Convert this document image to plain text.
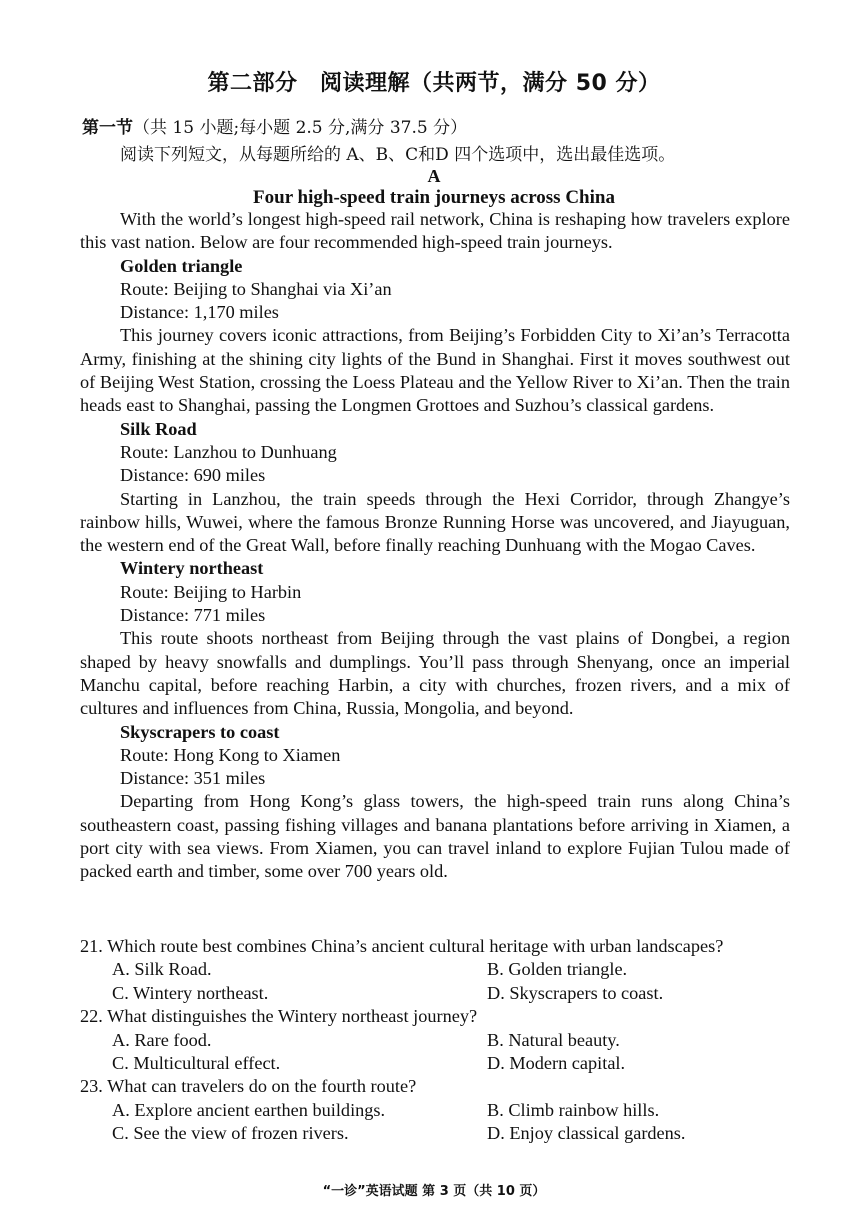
第二部分　阅读理解（共两节，满分 50 分）
第一节（共 15 小题;每小题 2.5 分,满分 37.5 分）
阅读下列短文，从每题所给的 A、B、C和D 四个选项中，选出最佳选项。
A
Four high-speed train journeys across China

With the world’s longest high-speed rail network, China is reshaping how travelers explore this vast nation. Below are four recommended high-speed train journeys.

Golden triangle
Route: Beijing to Shanghai via Xi’an
Distance: 1,170 miles

This journey covers iconic attractions, from Beijing’s Forbidden City to Xi’an’s Terracotta Army, finishing at the shining city lights of the Bund in Shanghai. First it moves southwest out of Beijing West Station, crossing the Loess Plateau and the Yellow River to Xi’an. Then the train heads east to Shanghai, passing the Longmen Grottoes and Suzhou’s classical gardens.

Silk Road
Route: Lanzhou to Dunhuang
Distance: 690 miles

Starting in Lanzhou, the train speeds through the Hexi Corridor, through Zhangye’s rainbow hills, Wuwei, where the famous Bronze Running Horse was uncovered, and Jiayuguan, the western end of the Great Wall, before finally reaching Dunhuang with the Mogao Caves.

Wintery northeast
Route: Beijing to Harbin
Distance: 771 miles

This route shoots northeast from Beijing through the vast plains of Dongbei, a region shaped by heavy snowfalls and dumplings. You’ll pass through Shenyang, once an imperial Manchu capital, before reaching Harbin, a city with churches, frozen rivers, and a mix of cultures and influences from China, Russia, Mongolia, and beyond.

Skyscrapers to coast
Route: Hong Kong to Xiamen
Distance: 351 miles

Departing from Hong Kong’s glass towers, the high-speed train runs along China’s southeastern coast, passing fishing villages and banana plantations before arriving in Xiamen, a port city with sea views. From Xiamen, you can travel inland to explore Fujian Tulou made of packed earth and timber, some over 700 years old.

21. Which route best combines China’s ancient cultural heritage with urban landscapes?
A. Silk Road.	B. Golden triangle.
C. Wintery northeast.	D. Skyscrapers to coast.
22. What distinguishes the Wintery northeast journey?
A. Rare food.	B. Natural beauty.
C. Multicultural effect.	D. Modern capital.
23. What can travelers do on the fourth route?
A. Explore ancient earthen buildings.	B. Climb rainbow hills.
C. See the view of frozen rivers.	D. Enjoy classical gardens.
“一诊”英语试题 第 3 页（共 10 页）
